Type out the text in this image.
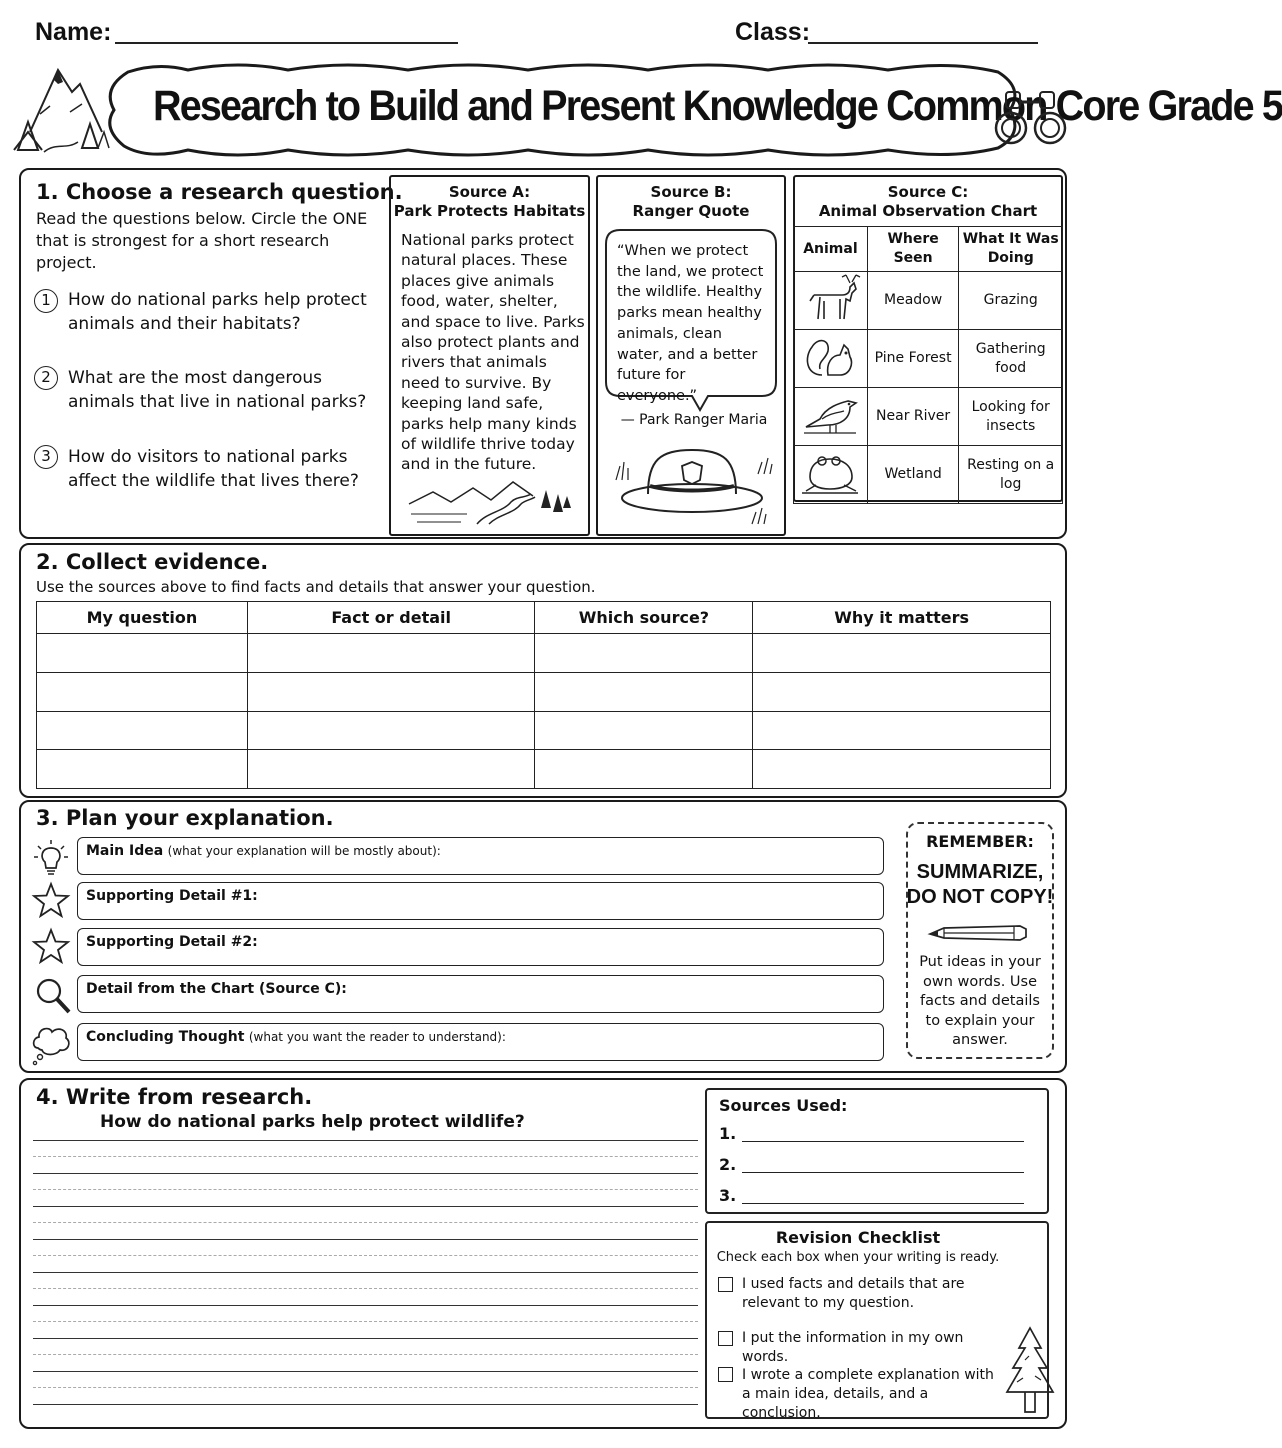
Name:	Class:
Research to Build and Present Knowledge Common Core Grade 5
1. Choose a research question.
Read the questions below. Circle the ONE that is strongest for a short research project.
1	How do national parks help protect animals and their habitats?
2	What are the most dangerous animals that live in national parks?
3	How do visitors to national parks affect the wildlife that lives there?
Source A:
Park Protects Habitats
National parks protect natural places. These places give animals food, water, shelter, and space to live. Parks also protect plants and rivers that animals need to survive. By keeping land safe, parks help many kinds of wildlife thrive today and in the future.
Source B:
Ranger Quote
“When we protect the land, we protect the wildlife. Healthy parks mean healthy animals, clean water, and a better future for everyone.”
— Park Ranger Maria
Source C:
Animal Observation Chart
Animal	Where Seen	What It Was Doing
	Meadow	Grazing
	Pine Forest	Gathering food
	Near River	Looking for insects
	Wetland	Resting on a log
2. Collect evidence.
Use the sources above to find facts and details that answer your question.
My question	Fact or detail	Which source?	Why it matters

3. Plan your explanation.
Main Idea (what your explanation will be mostly about):
Supporting Detail #1:
Supporting Detail #2:
Detail from the Chart (Source C):
Concluding Thought (what you want the reader to understand):
REMEMBER:
SUMMARIZE,
DO NOT COPY!
Put ideas in your own words. Use facts and details to explain your answer.
4. Write from research.
How do national parks help protect wildlife?
Sources Used:
1.
2.
3.
Revision Checklist
Check each box when your writing is ready.
I used facts and details that are relevant to my question.
I put the information in my own words.
I wrote a complete explanation with a main idea, details, and a conclusion.
